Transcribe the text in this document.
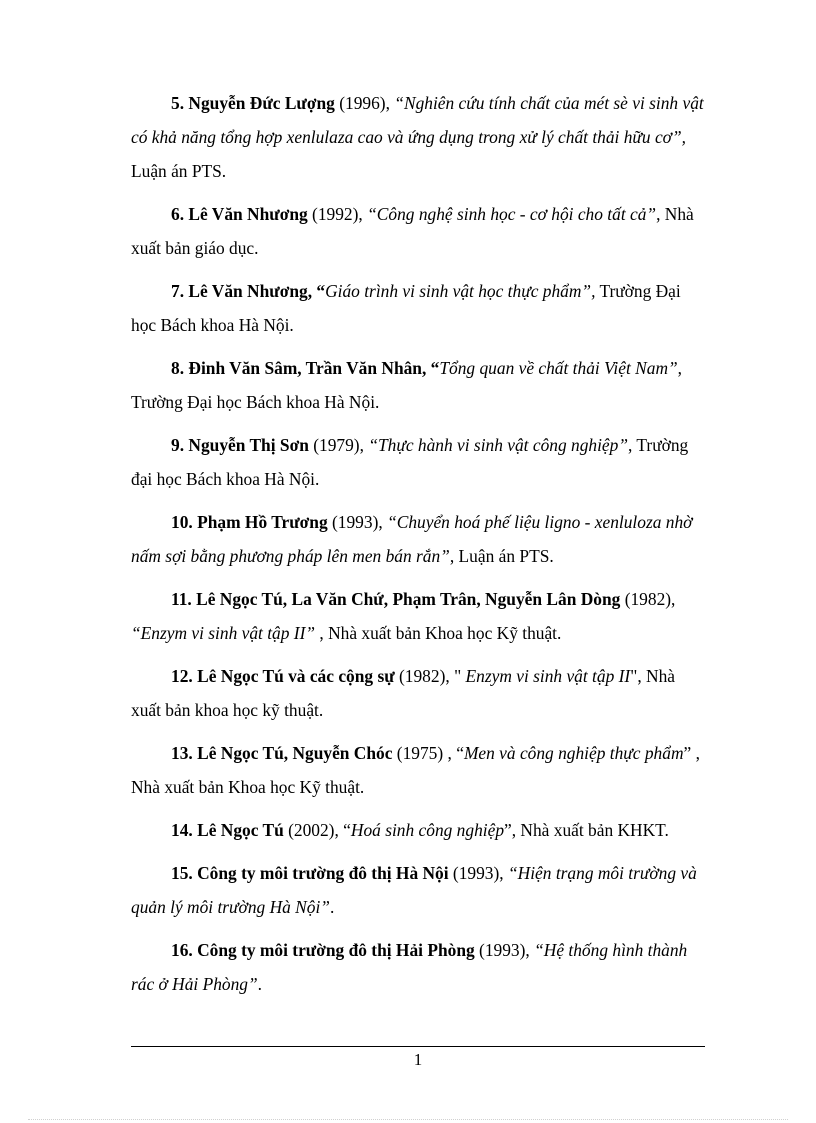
5. Nguyễn Đức Lượng (1996), “Nghiên cứu tính chất của mét sè vi sinh vật có khả năng tổng hợp xenlulaza cao và ứng dụng trong xử lý chất thải hữu cơ”, Luận án PTS.

6. Lê Văn Nhương (1992), “Công nghệ sinh học - cơ hội cho tất cả”, Nhà xuất bản giáo dục.

7. Lê Văn Nhương, “Giáo trình vi sinh vật học thực phẩm”, Trường Đại học Bách khoa Hà Nội.

8. Đinh Văn Sâm, Trần Văn Nhân, “Tổng quan về chất thải Việt Nam”, Trường Đại học Bách khoa Hà Nội.

9. Nguyễn Thị Sơn (1979), “Thực hành vi sinh vật công nghiệp”, Trường đại học Bách khoa Hà Nội.

10. Phạm Hồ Trương (1993), “Chuyển hoá phế liệu ligno - xenluloza nhờ nấm sợi bằng phương pháp lên men bán rắn”, Luận án PTS.

11. Lê Ngọc Tú, La Văn Chứ, Phạm Trân, Nguyễn Lân Dòng (1982), “Enzym vi sinh vật tập II” , Nhà xuất bản Khoa học Kỹ thuật.

12. Lê Ngọc Tú và các cộng sự (1982), " Enzym vi sinh vật tập II", Nhà xuất bản khoa học kỹ thuật.

13. Lê Ngọc Tú, Nguyễn Chóc (1975) , “Men và công nghiệp thực phẩm” , Nhà xuất bản Khoa học Kỹ thuật.

14. Lê Ngọc Tú (2002), “Hoá sinh công nghiệp”, Nhà xuất bản KHKT.

15. Công ty môi trường đô thị Hà Nội (1993), “Hiện trạng môi trường và quản lý môi trường Hà Nội”.

16. Công ty môi trường đô thị Hải Phòng (1993), “Hệ thống hình thành rác ở Hải Phòng”.

1
